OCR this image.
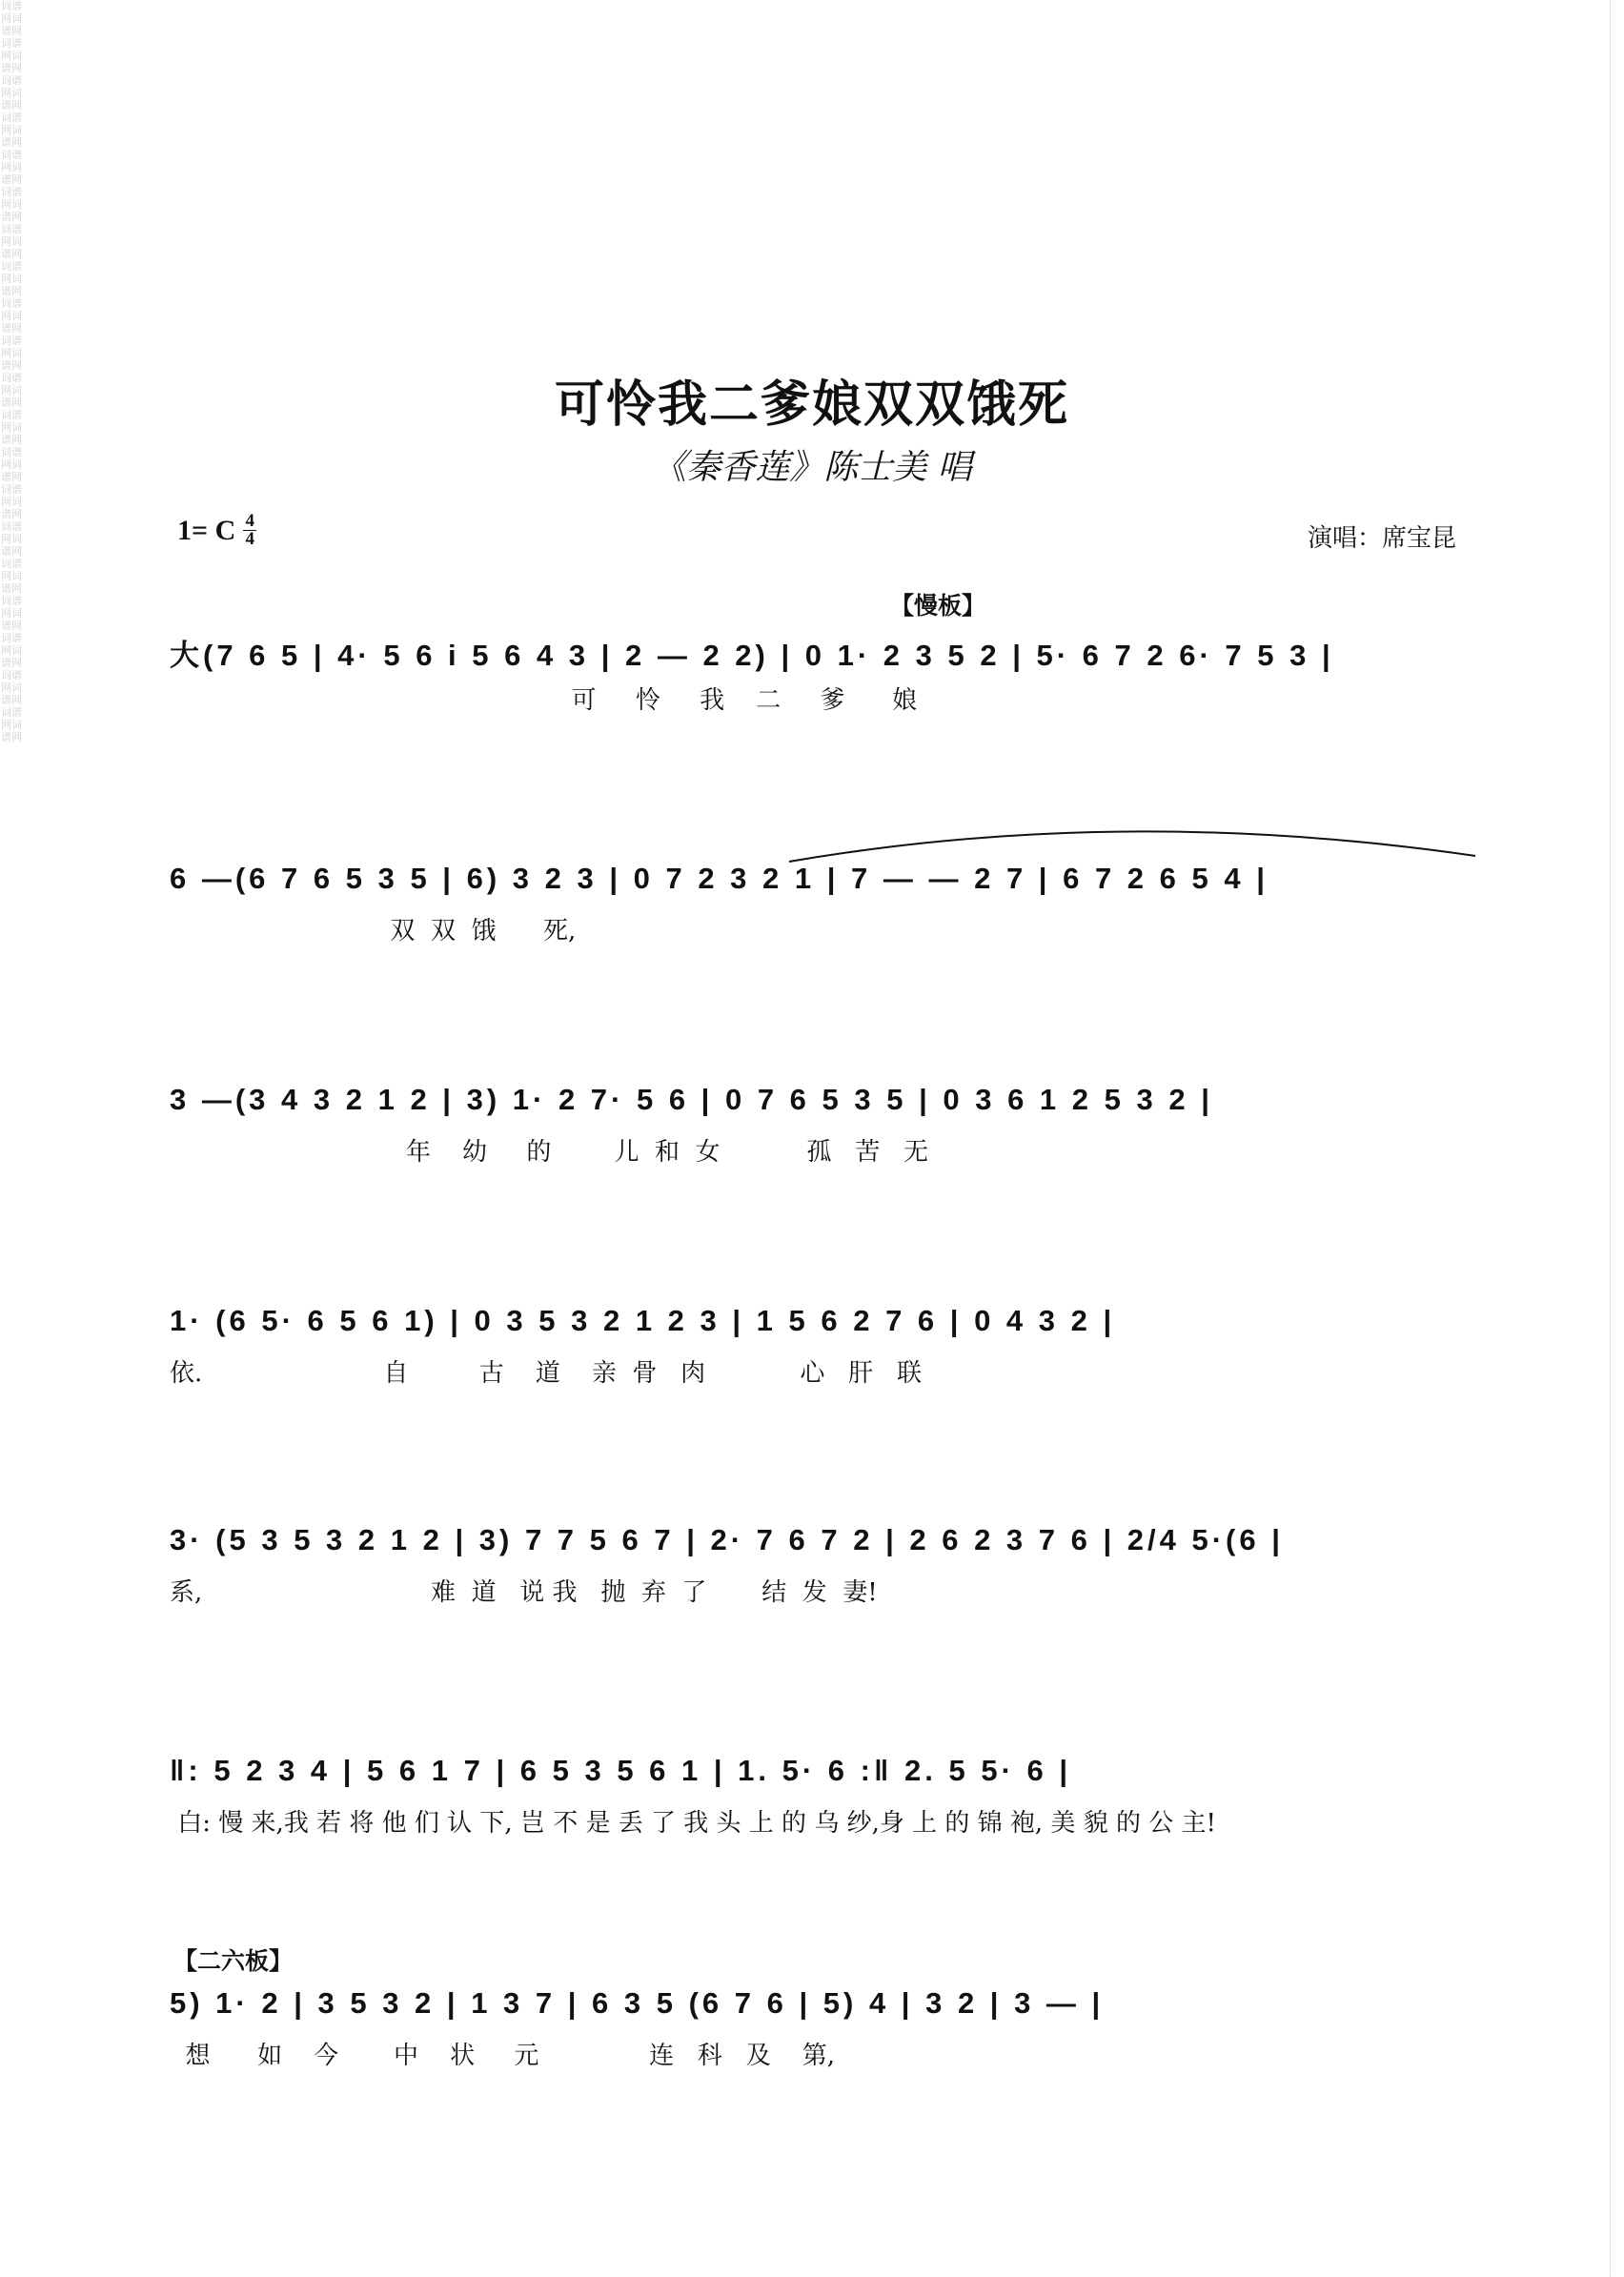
词谱网词谱网词谱网词谱网词谱网词谱网词谱网词谱网词谱网词谱网词谱网词谱网词谱网词谱网词谱网词谱网词谱网词谱网词谱网词谱网词谱网词谱网词谱网词谱网词谱网词谱网词谱网词谱网词谱网词谱网词谱网词谱网词谱网词谱网词谱网词谱网词谱网词谱网词谱网词谱网
可怜我二爹娘双双饿死
《秦香莲》陈士美 唱
1= C $\frac{4}{4}$	演唱：席宝昆
【慢板】
大(7 6 5 | 4· 5 6 i 5 6 4 3 | 2 — 2 2) | 0 1· 2 3 5 2 | 5· 6 7 2 6· 7 5 3 |
可     怜     我    二     爹      娘
6 —(6 7 6 5 3 5 | 6) 3 2 3 | 0 7 2 3 2 1 | 7 — — 2 7 | 6 7 2 6 5 4 |
双  双  饿      死,
3 —(3 4 3 2 1 2 | 3) 1· 2 7· 5 6 | 0 7 6 5 3 5 | 0 3 6 1 2 5 3 2 |
年    幼     的        儿  和  女           孤   苦   无
1· (6 5· 6 5 6 1) | 0 3 5 3 2 1 2 3 | 1 5 6 2 7 6 | 0 4 3 2 |
依.                       自         古    道    亲  骨   肉            心   肝   联
3· (5 3 5 3 2 1 2 | 3) 7 7 5 6 7 | 2· 7 6 7 2 | 2 6 2 3 7 6 | 2/4 5·(6 |
系,                             难  道   说 我   抛  弃  了       结  发  妻!
‖: 5 2 3 4 | 5 6 1 7 | 6 5 3 5 6 1 | 1. 5· 6 :‖ 2. 5 5· 6 |
白: 慢 来,我 若 将 他 们 认 下, 岂 不 是 丢 了 我 头 上 的 乌 纱,身 上 的 锦 袍, 美 貌 的 公 主!
【二六板】
5) 1· 2 | 3 5 3 2 | 1 3 7 | 6 3 5 (6 7 6 | 5) 4 | 3 2 | 3 — |
想      如    今       中    状     元              连   科   及    第,
